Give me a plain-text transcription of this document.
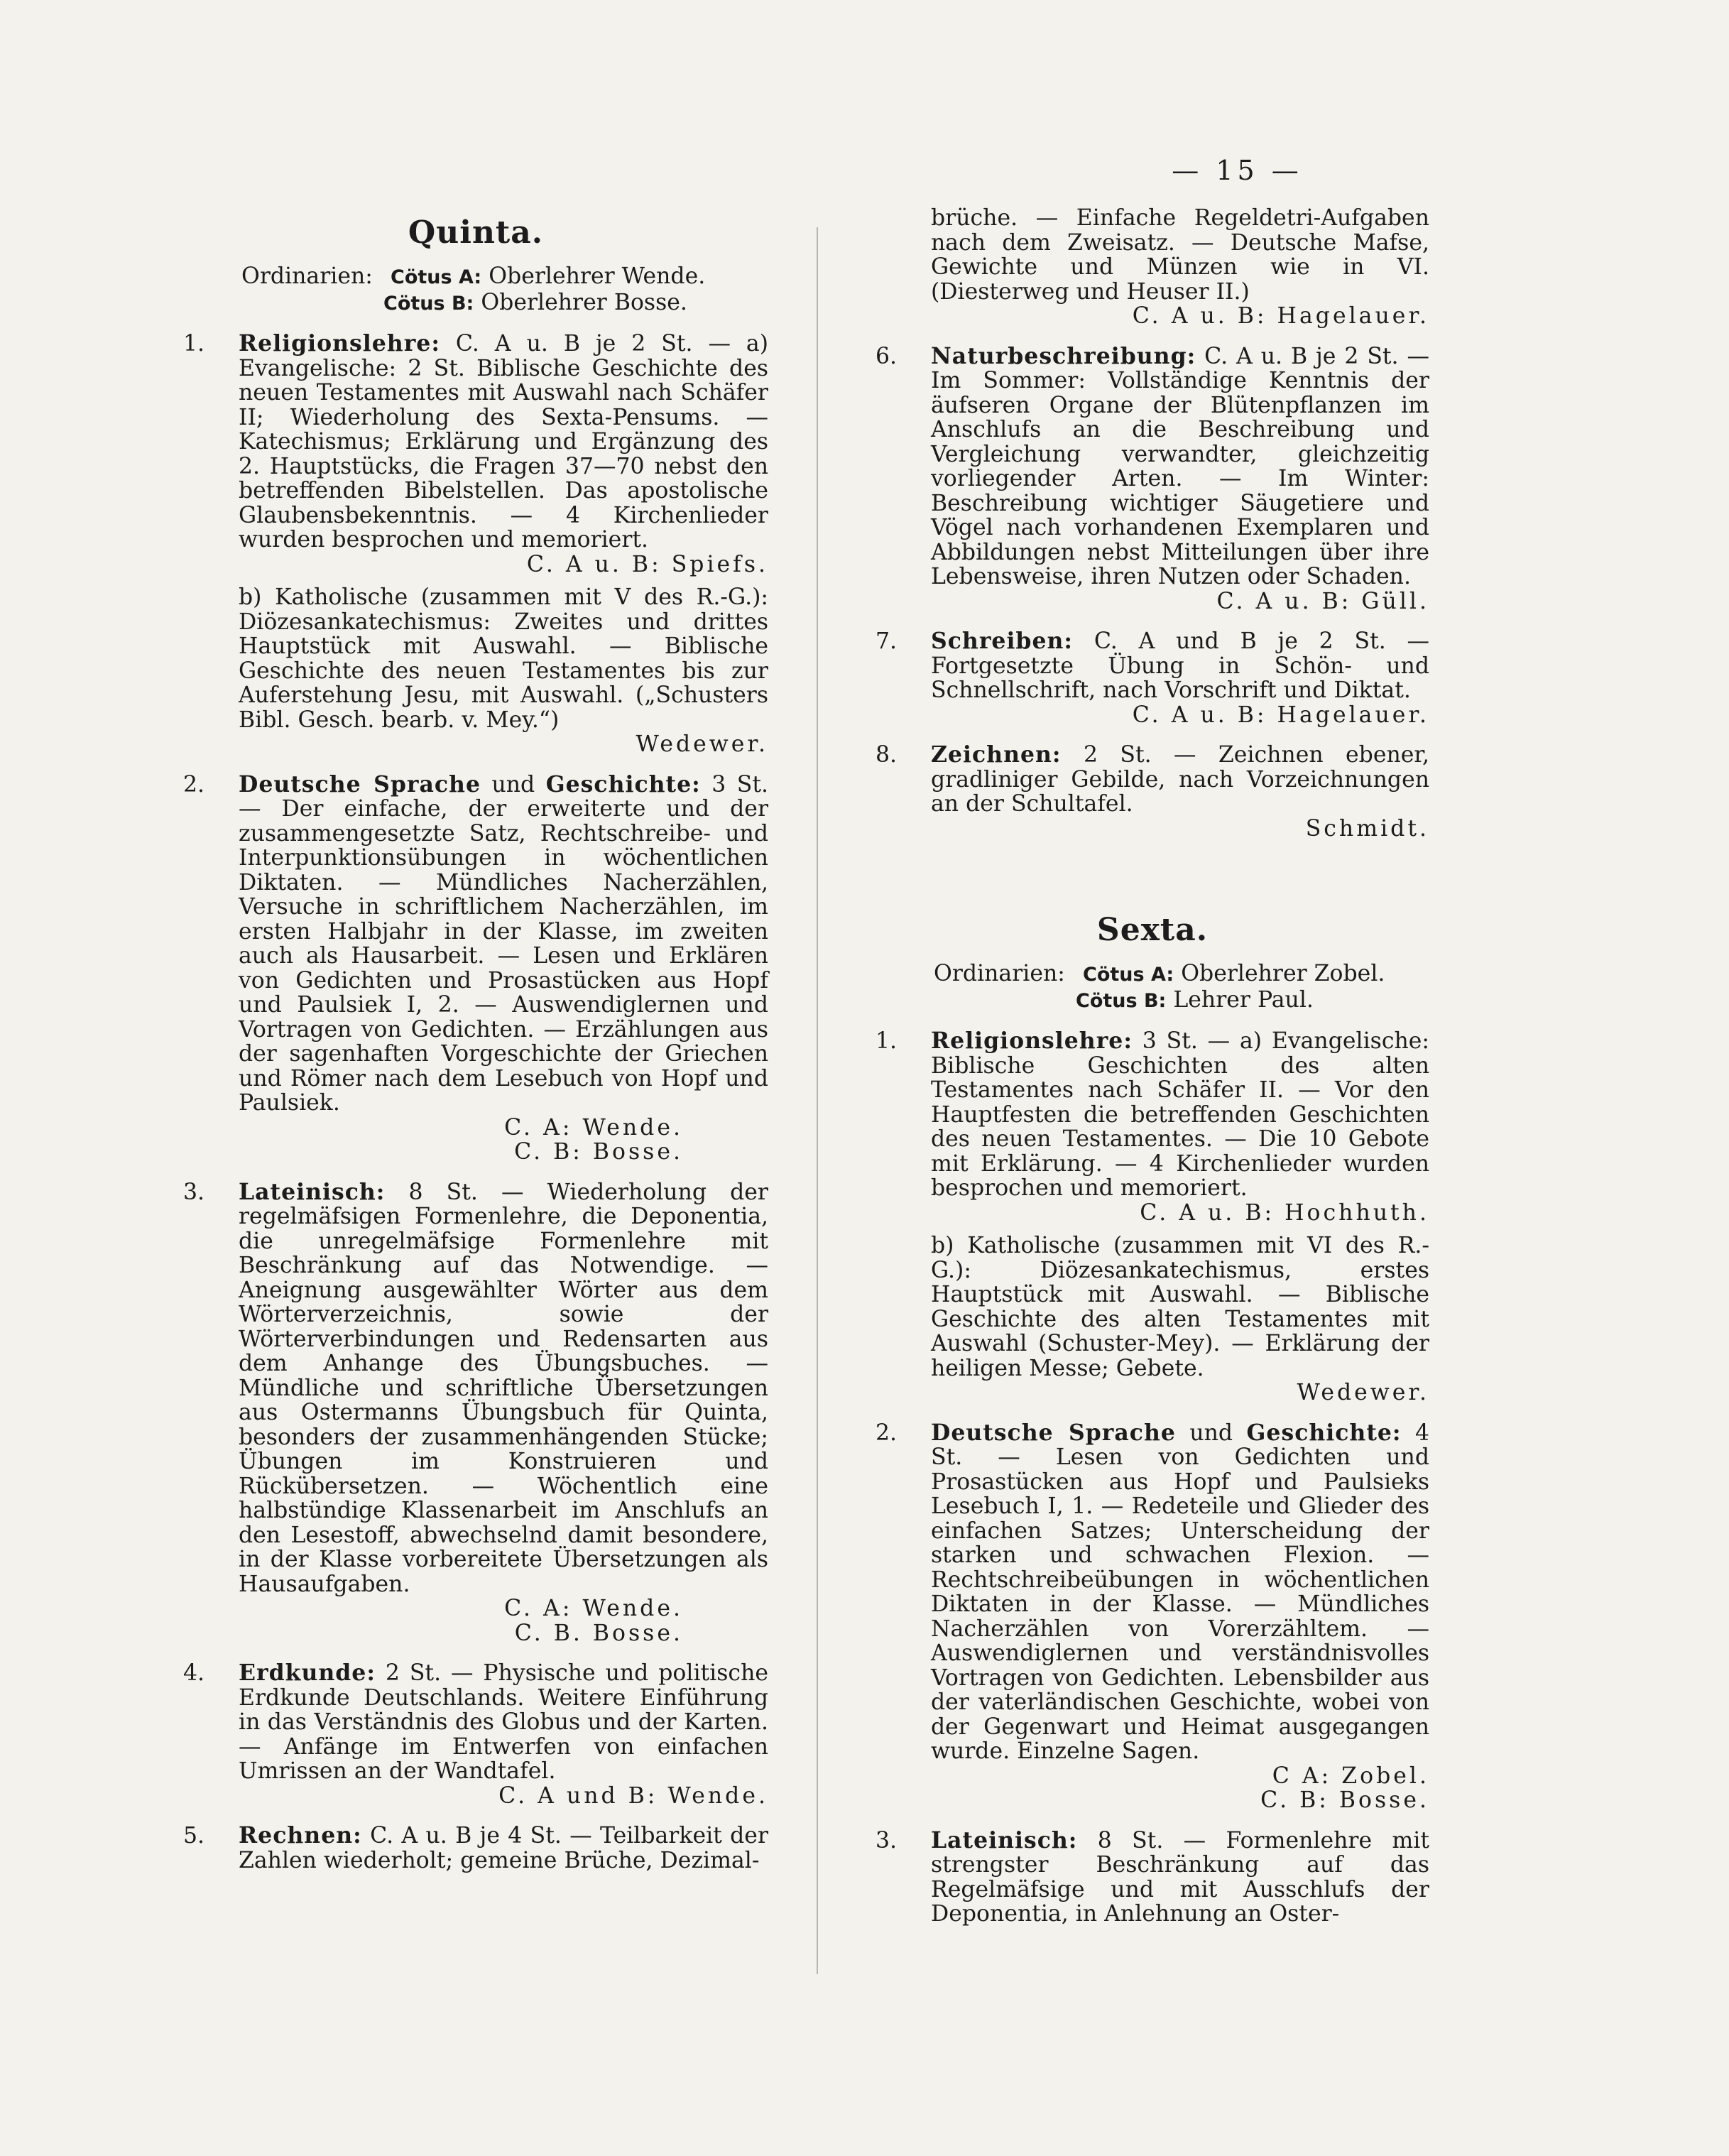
— 15 —
Quinta.
Ordinarien: Cötus A: Oberlehrer Wende.
Cötus B: Oberlehrer Bosse.
1.	Religionslehre: C. A u. B je 2 St. — a) Evangelische: 2 St. Biblische Geschichte des neuen Testamentes mit Auswahl nach Schäfer II; Wiederholung des Sexta-Pensums. — Katechismus; Erklärung und Ergänzung des 2. Hauptstücks, die Fragen 37—70 nebst den betreffenden Bibelstellen. Das apostolische Glaubensbekenntnis. — 4 Kirchenlieder wurden besprochen und memoriert.
C. A u. B: Spiefs.
b) Katholische (zusammen mit V des R.-G.): Diözesankatechismus: Zweites und drittes Hauptstück mit Auswahl. — Biblische Geschichte des neuen Testamentes bis zur Auferstehung Jesu, mit Auswahl. („Schusters Bibl. Gesch. bearb. v. Mey.“)
Wedewer.
2.	Deutsche Sprache und Geschichte: 3 St. — Der einfache, der erweiterte und der zusammengesetzte Satz, Rechtschreibe- und Interpunktionsübungen in wöchentlichen Diktaten. — Mündliches Nacherzählen, Versuche in schriftlichem Nacherzählen, im ersten Halbjahr in der Klasse, im zweiten auch als Hausarbeit. — Lesen und Erklären von Gedichten und Prosastücken aus Hopf und Paulsiek I, 2. — Auswendiglernen und Vortragen von Gedichten. — Erzählungen aus der sagenhaften Vorgeschichte der Griechen und Römer nach dem Lesebuch von Hopf und Paulsiek.
C. A: Wende.
C. B: Bosse.
3.	Lateinisch: 8 St. — Wiederholung der regelmäfsigen Formenlehre, die Deponentia, die unregelmäfsige Formenlehre mit Beschränkung auf das Notwendige. — Aneignung ausgewählter Wörter aus dem Wörterverzeichnis, sowie der Wörterverbindungen und Redensarten aus dem Anhange des Übungsbuches. — Mündliche und schriftliche Übersetzungen aus Ostermanns Übungsbuch für Quinta, besonders der zusammenhängenden Stücke; Übungen im Konstruieren und Rückübersetzen. — Wöchentlich eine halbstündige Klassenarbeit im Anschlufs an den Lesestoff, abwechselnd damit besondere, in der Klasse vorbereitete Übersetzungen als Hausaufgaben.
C. A: Wende.
C. B. Bosse.
4.	Erdkunde: 2 St. — Physische und politische Erdkunde Deutschlands. Weitere Einführung in das Verständnis des Globus und der Karten. — Anfänge im Entwerfen von einfachen Umrissen an der Wandtafel.
C. A und B: Wende.
5.	Rechnen: C. A u. B je 4 St. — Teilbarkeit der Zahlen wiederholt; gemeine Brüche, Dezimal-
brüche. — Einfache Regeldetri-Aufgaben nach dem Zweisatz. — Deutsche Mafse, Gewichte und Münzen wie in VI. (Diesterweg und Heuser II.)
C. A u. B: Hagelauer.
6.	Naturbeschreibung: C. A u. B je 2 St. — Im Sommer: Vollständige Kenntnis der äufseren Organe der Blütenpflanzen im Anschlufs an die Beschreibung und Vergleichung verwandter, gleichzeitig vorliegender Arten. — Im Winter: Beschreibung wichtiger Säugetiere und Vögel nach vorhandenen Exemplaren und Abbildungen nebst Mitteilungen über ihre Lebensweise, ihren Nutzen oder Schaden.
C. A u. B: Güll.
7.	Schreiben: C. A und B je 2 St. — Fortgesetzte Übung in Schön- und Schnellschrift, nach Vorschrift und Diktat.
C. A u. B: Hagelauer.
8.	Zeichnen: 2 St. — Zeichnen ebener, gradliniger Gebilde, nach Vorzeichnungen an der Schultafel.
Schmidt.
Sexta.
Ordinarien: Cötus A: Oberlehrer Zobel.
Cötus B: Lehrer Paul.
1.	Religionslehre: 3 St. — a) Evangelische: Biblische Geschichten des alten Testamentes nach Schäfer II. — Vor den Hauptfesten die betreffenden Geschichten des neuen Testamentes. — Die 10 Gebote mit Erklärung. — 4 Kirchenlieder wurden besprochen und memoriert.
C. A u. B: Hochhuth.
b) Katholische (zusammen mit VI des R.-G.): Diözesankatechismus, erstes Hauptstück mit Auswahl. — Biblische Geschichte des alten Testamentes mit Auswahl (Schuster-Mey). — Erklärung der heiligen Messe; Gebete.
Wedewer.
2.	Deutsche Sprache und Geschichte: 4 St. — Lesen von Gedichten und Prosastücken aus Hopf und Paulsieks Lesebuch I, 1. — Redeteile und Glieder des einfachen Satzes; Unterscheidung der starken und schwachen Flexion. — Rechtschreibeübungen in wöchentlichen Diktaten in der Klasse. — Mündliches Nacherzählen von Vorerzähltem. — Auswendiglernen und verständnisvolles Vortragen von Gedichten. Lebensbilder aus der vaterländischen Geschichte, wobei von der Gegenwart und Heimat ausgegangen wurde. Einzelne Sagen.
C A: Zobel.
C. B: Bosse.
3.	Lateinisch: 8 St. — Formenlehre mit strengster Beschränkung auf das Regelmäfsige und mit Ausschlufs der Deponentia, in Anlehnung an Oster-
